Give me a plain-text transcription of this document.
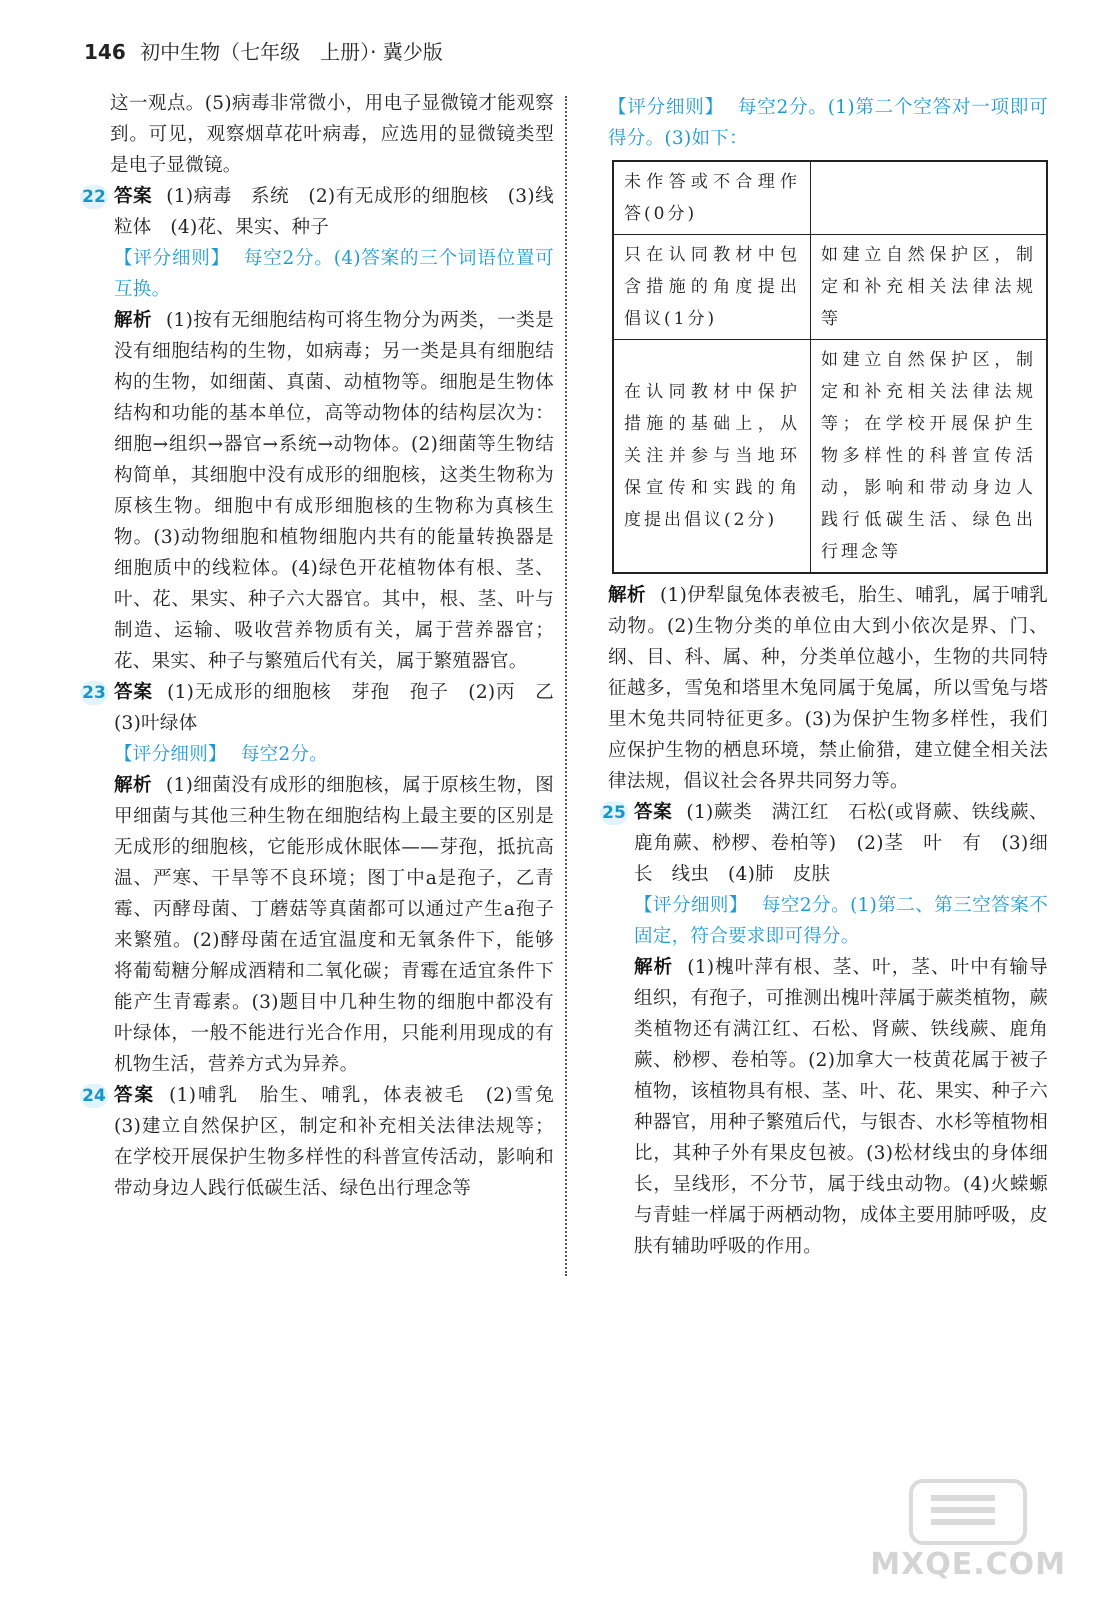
146 初中生物（七年级　上册）· 冀少版

这一观点。(5)病毒非常微小，用电子显微镜才能观察到。可见，观察烟草花叶病毒，应选用的显微镜类型是电子显微镜。

22 答案 (1)病毒　系统　(2)有无成形的细胞核　(3)线粒体　(4)花、果实、种子

【评分细则】 每空2分。(4)答案的三个词语位置可互换。

解析 (1)按有无细胞结构可将生物分为两类，一类是没有细胞结构的生物，如病毒；另一类是具有细胞结构的生物，如细菌、真菌、动植物等。细胞是生物体结构和功能的基本单位，高等动物体的结构层次为：细胞→组织→器官→系统→动物体。(2)细菌等生物结构简单，其细胞中没有成形的细胞核，这类生物称为原核生物。细胞中有成形细胞核的生物称为真核生物。(3)动物细胞和植物细胞内共有的能量转换器是细胞质中的线粒体。(4)绿色开花植物体有根、茎、叶、花、果实、种子六大器官。其中，根、茎、叶与制造、运输、吸收营养物质有关，属于营养器官；花、果实、种子与繁殖后代有关，属于繁殖器官。

23 答案 (1)无成形的细胞核　芽孢　孢子　(2)丙　乙　(3)叶绿体

【评分细则】 每空2分。

解析 (1)细菌没有成形的细胞核，属于原核生物，图甲细菌与其他三种生物在细胞结构上最主要的区别是无成形的细胞核，它能形成休眠体——芽孢，抵抗高温、严寒、干旱等不良环境；图丁中a是孢子，乙青霉、丙酵母菌、丁蘑菇等真菌都可以通过产生a孢子来繁殖。(2)酵母菌在适宜温度和无氧条件下，能够将葡萄糖分解成酒精和二氧化碳；青霉在适宜条件下能产生青霉素。(3)题目中几种生物的细胞中都没有叶绿体，一般不能进行光合作用，只能利用现成的有机物生活，营养方式为异养。

24 答案 (1)哺乳　胎生、哺乳，体表被毛　(2)雪兔　(3)建立自然保护区，制定和补充相关法律法规等；在学校开展保护生物多样性的科普宣传活动，影响和带动身边人践行低碳生活、绿色出行理念等

【评分细则】 每空2分。(1)第二个空答对一项即可得分。(3)如下：

未作答或不合理作答(0分)	
只在认同教材中包含措施的角度提出倡议(1分)	如建立自然保护区，制定和补充相关法律法规等
在认同教材中保护措施的基础上，从关注并参与当地环保宣传和实践的角度提出倡议(2分)	如建立自然保护区，制定和补充相关法律法规等；在学校开展保护生物多样性的科普宣传活动，影响和带动身边人践行低碳生活、绿色出行理念等

解析 (1)伊犁鼠兔体表被毛，胎生、哺乳，属于哺乳动物。(2)生物分类的单位由大到小依次是界、门、纲、目、科、属、种，分类单位越小，生物的共同特征越多，雪兔和塔里木兔同属于兔属，所以雪兔与塔里木兔共同特征更多。(3)为保护生物多样性，我们应保护生物的栖息环境，禁止偷猎，建立健全相关法律法规，倡议社会各界共同努力等。

25 答案 (1)蕨类　满江红　石松(或肾蕨、铁线蕨、鹿角蕨、桫椤、卷柏等)　(2)茎　叶　有　(3)细长　线虫　(4)肺　皮肤

【评分细则】 每空2分。(1)第二、第三空答案不固定，符合要求即可得分。

解析 (1)槐叶萍有根、茎、叶，茎、叶中有输导组织，有孢子，可推测出槐叶萍属于蕨类植物，蕨类植物还有满江红、石松、肾蕨、铁线蕨、鹿角蕨、桫椤、卷柏等。(2)加拿大一枝黄花属于被子植物，该植物具有根、茎、叶、花、果实、种子六种器官，用种子繁殖后代，与银杏、水杉等植物相比，其种子外有果皮包被。(3)松材线虫的身体细长，呈线形，不分节，属于线虫动物。(4)火蝾螈与青蛙一样属于两栖动物，成体主要用肺呼吸，皮肤有辅助呼吸的作用。

MXQE.COM
